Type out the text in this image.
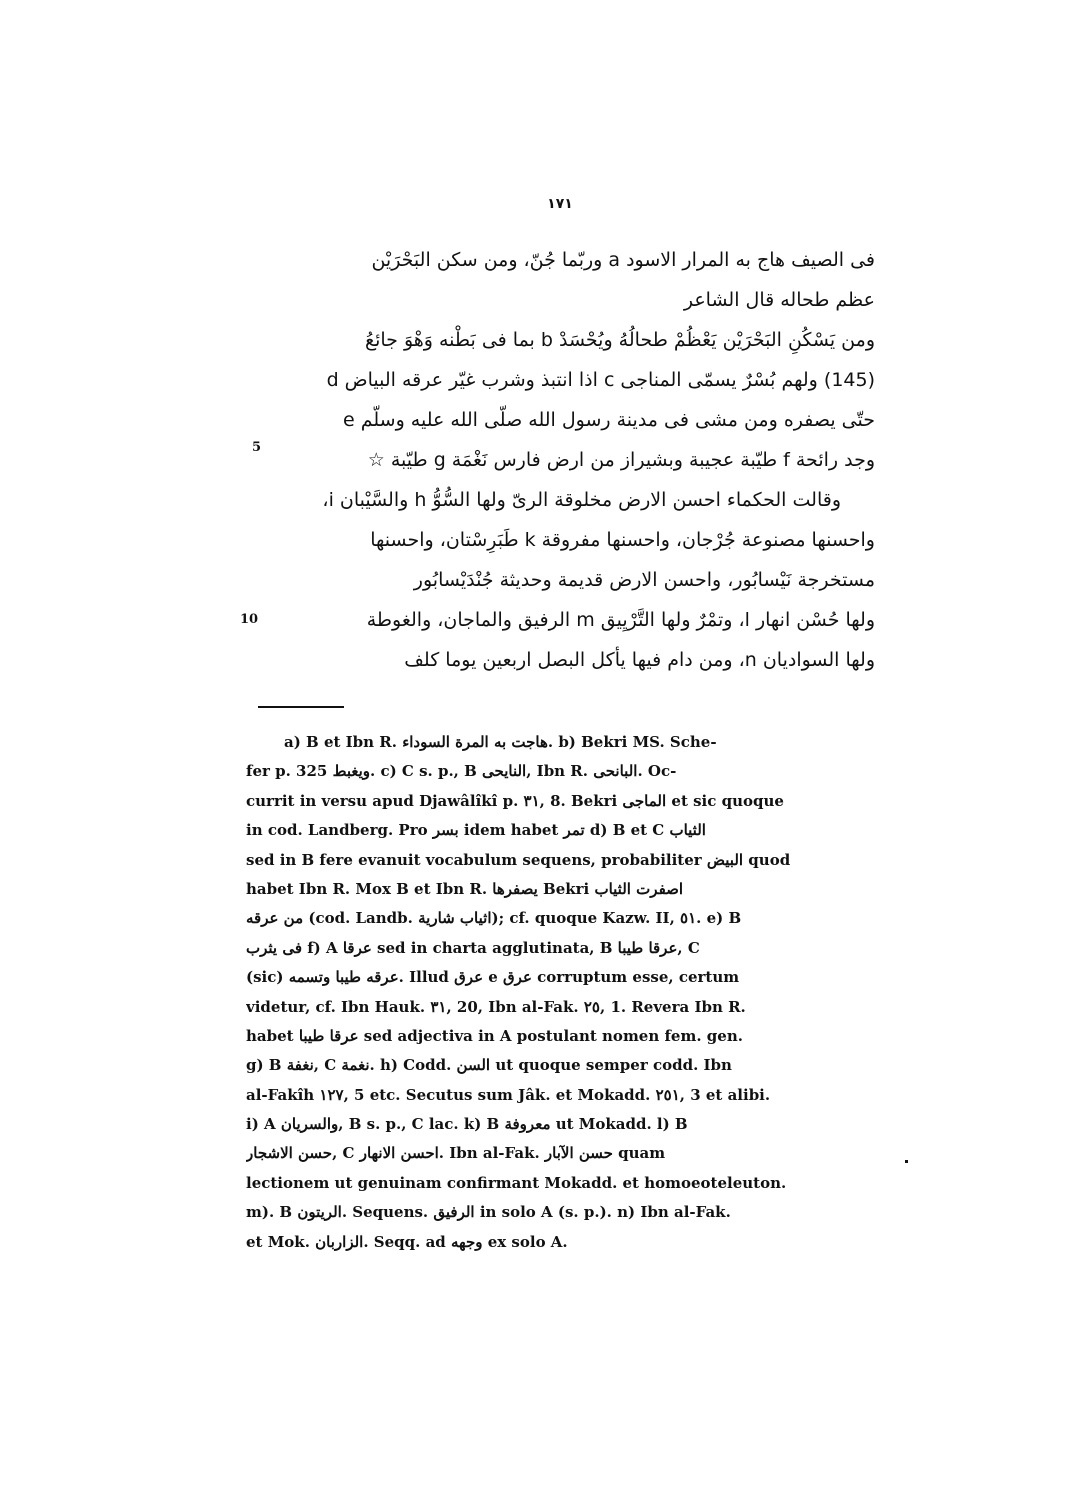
١٧١
فى الصيف هاج به المرار الاسود a وربّما جُنّ، ومن سكن البَحْرَيْن
عظم طحاله قال الشاعر
ومن يَسْكُنِ البَحْرَيْن يَعْظُمْ طحالُهُ ويُحْسَدْ b بما فى بَطْنه وَهْوَ جائعُ
(145) ولهم بُسْرٌ يسمّى المناجى c اذا انتبذ وشرب غيّر عرقه البياض d
حتّى يصفره ومن مشى فى مدينة رسول الله صلّى الله عليه وسلّم e
وجد رائحة f طيّبة عجيبة وبشيراز من ارض فارس نَغْمَة g طيّبة ☆
وقالت الحكماء احسن الارض مخلوقة الرىّ ولها السُّوُّ h والسَّيْبان i،
واحسنها مصنوعة جُرْجان، واحسنها مفروقة k طَبَرِسْتان، واحسنها
مستخرجة نَيْسابُور، واحسن الارض قديمة وحديثة جُنْدَيْسابُور
ولها حُسْن انهار l، وتمْرٌ ولها التَّرْيِيق m الرفيق والماجان، والغوطة
ولها السواديان n، ومن دام فيها يأكل البصل اربعين يوما كلف
5
10
a) B et Ibn R. هاجت به المرة السوداء. b) Bekri MS. Sche-
fer p. 325 ويغبط. c) C s. p., B النايحى, Ibn R. البانحى. Oc-
currit in versu apud Djawâlîkî p. ٣١, 8. Bekri الماجى et sic quoque
in cod. Landberg. Pro بسر idem habet تمر d) B et C الثياب
sed in B fere evanuit vocabulum sequens, probabiliter البيض quod
habet Ibn R. Mox B et Ibn R. يصفرها Bekri اصفرت الثياب
من عرقه (cod. Landb. اثياب شارية); cf. quoque Kazw. II, ٥١. e) B
فى يثرب f) A عرقا sed in charta agglutinata, B عرقا طيبا, C
(sic) عرقه طيبا وتسمه. Illud عرق e عرق corruptum esse, certum
videtur, cf. Ibn Hauk. ٣١, 20, Ibn al-Fak. ٢٥, 1. Revera Ibn R.
habet عرقا طيبا sed adjectiva in A postulant nomen fem. gen.
g) B نغفة, C نغمة. h) Codd. السن ut quoque semper codd. Ibn
al-Fakîh ١٢٧, 5 etc. Secutus sum Jâk. et Mokadd. ٢٥١, 3 et alibi.
i) A والسريان, B s. p., C lac. k) B معروفة ut Mokadd. l) B
حسن الاشجار, C احسن الانهار. Ibn al-Fak. حسن الآبار quam
lectionem ut genuinam confirmant Mokadd. et homoeoteleuton.
m). B الريتون. Sequens. الرفيق in solo A (s. p.). n) Ibn al-Fak.
et Mok. الزاربان. Seqq. ad وجهه ex solo A.
